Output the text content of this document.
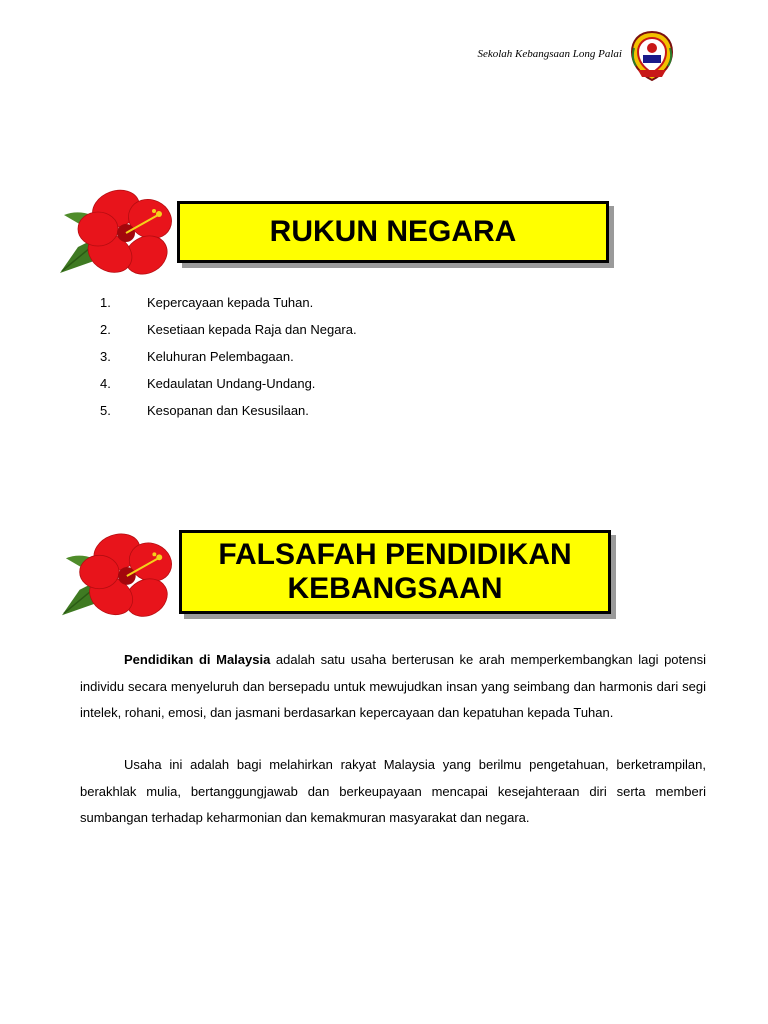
Sekolah Kebangsaan Long Palai
RUKUN NEGARA
1.	Kepercayaan kepada Tuhan.
2.	Kesetiaan kepada Raja dan Negara.
3.	Keluhuran Pelembagaan.
4.	Kedaulatan Undang-Undang.
5.	Kesopanan dan Kesusilaan.
FALSAFAH PENDIDIKAN
KEBANGSAAN

Pendidikan di Malaysia adalah satu usaha berterusan ke arah memperkembangkan lagi potensi individu secara menyeluruh dan bersepadu untuk mewujudkan insan yang seimbang dan harmonis dari segi intelek, rohani, emosi, dan jasmani berdasarkan kepercayaan dan kepatuhan kepada Tuhan.

Usaha ini adalah bagi melahirkan rakyat Malaysia yang berilmu pengetahuan, berketrampilan, berakhlak mulia, bertanggungjawab dan berkeupayaan mencapai kesejahteraan diri serta memberi sumbangan terhadap keharmonian dan kemakmuran masyarakat dan negara.
